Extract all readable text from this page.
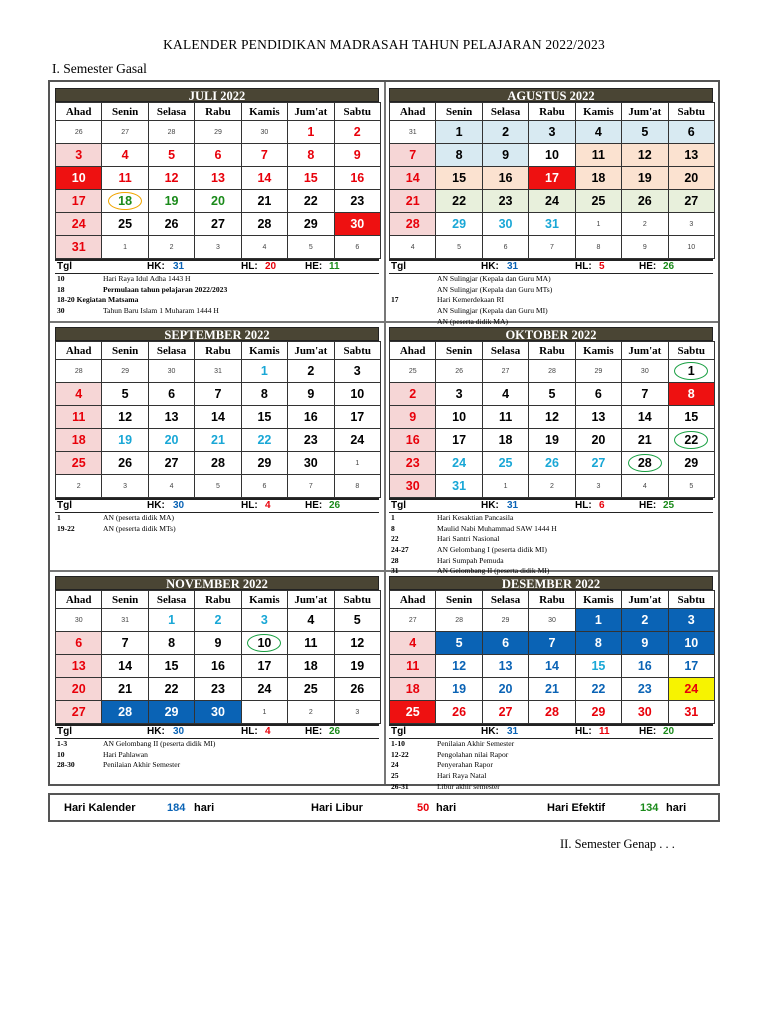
KALENDER PENDIDIKAN MADRASAH TAHUN PELAJARAN 2022/2023
I. Semester Gasal
JULI 2022
Ahad	Senin	Selasa	Rabu	Kamis	Jum'at	Sabtu
26	27	28	29	30	1	2
3	4	5	6	7	8	9
10	11	12	13	14	15	16
17	18	19	20	21	22	23
24	25	26	27	28	29	30
31	1	2	3	4	5	6
Tgl	HK: 31	HL: 20	HE: 11
10	Hari Raya Idul Adha 1443 H
18	Permulaan tahun pelajaran 2022/2023
18-20 Kegiatan Matsama
30	Tahun Baru Islam 1 Muharam 1444 H
AGUSTUS 2022
Ahad	Senin	Selasa	Rabu	Kamis	Jum'at	Sabtu
31	1	2	3	4	5	6
7	8	9	10	11	12	13
14	15	16	17	18	19	20
21	22	23	24	25	26	27
28	29	30	31	1	2	3
4	5	6	7	8	9	10
Tgl	HK: 31	HL: 5	HE: 26
AN Sulingjar (Kepala dan Guru MA)
AN Sulingjar (Kepala dan Guru MTs)
17	Hari Kemerdekaan RI
AN Sulingjar (Kepala dan Guru MI)
AN (peserta didik MA)
SEPTEMBER 2022
Ahad	Senin	Selasa	Rabu	Kamis	Jum'at	Sabtu
28	29	30	31	1	2	3
4	5	6	7	8	9	10
11	12	13	14	15	16	17
18	19	20	21	22	23	24
25	26	27	28	29	30	1
2	3	4	5	6	7	8
Tgl	HK: 30	HL: 4	HE: 26
1	AN (peserta didik MA)
19-22	AN (peserta didik MTs)
OKTOBER 2022
Ahad	Senin	Selasa	Rabu	Kamis	Jum'at	Sabtu
25	26	27	28	29	30	1

2	3	4	5	6	7	8
9	10	11	12	13	14	15
16	17	18	19	20	21	22

23	24	25	26	27	28	29
30	31	1	2	3	4	5
Tgl	HK: 31	HL: 6	HE: 25
1	Hari Kesaktian Pancasila
8	Maulid Nabi Muhammad SAW 1444 H
22	Hari Santri Nasional
24-27	AN Gelombang I (peserta didik MI)
28	Hari Sumpah Pemuda
31	AN Gelombang II (peserta didik MI)
NOVEMBER 2022
Ahad	Senin	Selasa	Rabu	Kamis	Jum'at	Sabtu
30	31	1	2	3	4	5
6	7	8	9	10	11	12
13	14	15	16	17	18	19
20	21	22	23	24	25	26
27	28	29	30	1	2	3
Tgl	HK: 30	HL: 4	HE: 26
1-3	AN Gelombang II (peserta didik MI)
10	Hari Pahlawan
28-30	Penilaian Akhir Semester
DESEMBER 2022
Ahad	Senin	Selasa	Rabu	Kamis	Jum'at	Sabtu
27	28	29	30	1	2	3
4	5	6	7	8	9	10
11	12	13	14	15	16	17
18	19	20	21	22	23	24
25	26	27	28	29	30	31
Tgl	HK: 31	HL: 11	HE: 20
1-10	Penilaian Akhir Semester
12-22	Pengolahan nilai Rapor
24	Penyerahan Rapor
25	Hari Raya Natal
26-31	Libur akhir semester
Hari Kalender	184 hari	Hari Libur	50 hari	Hari Efektif	134 hari
II. Semester Genap . . .
